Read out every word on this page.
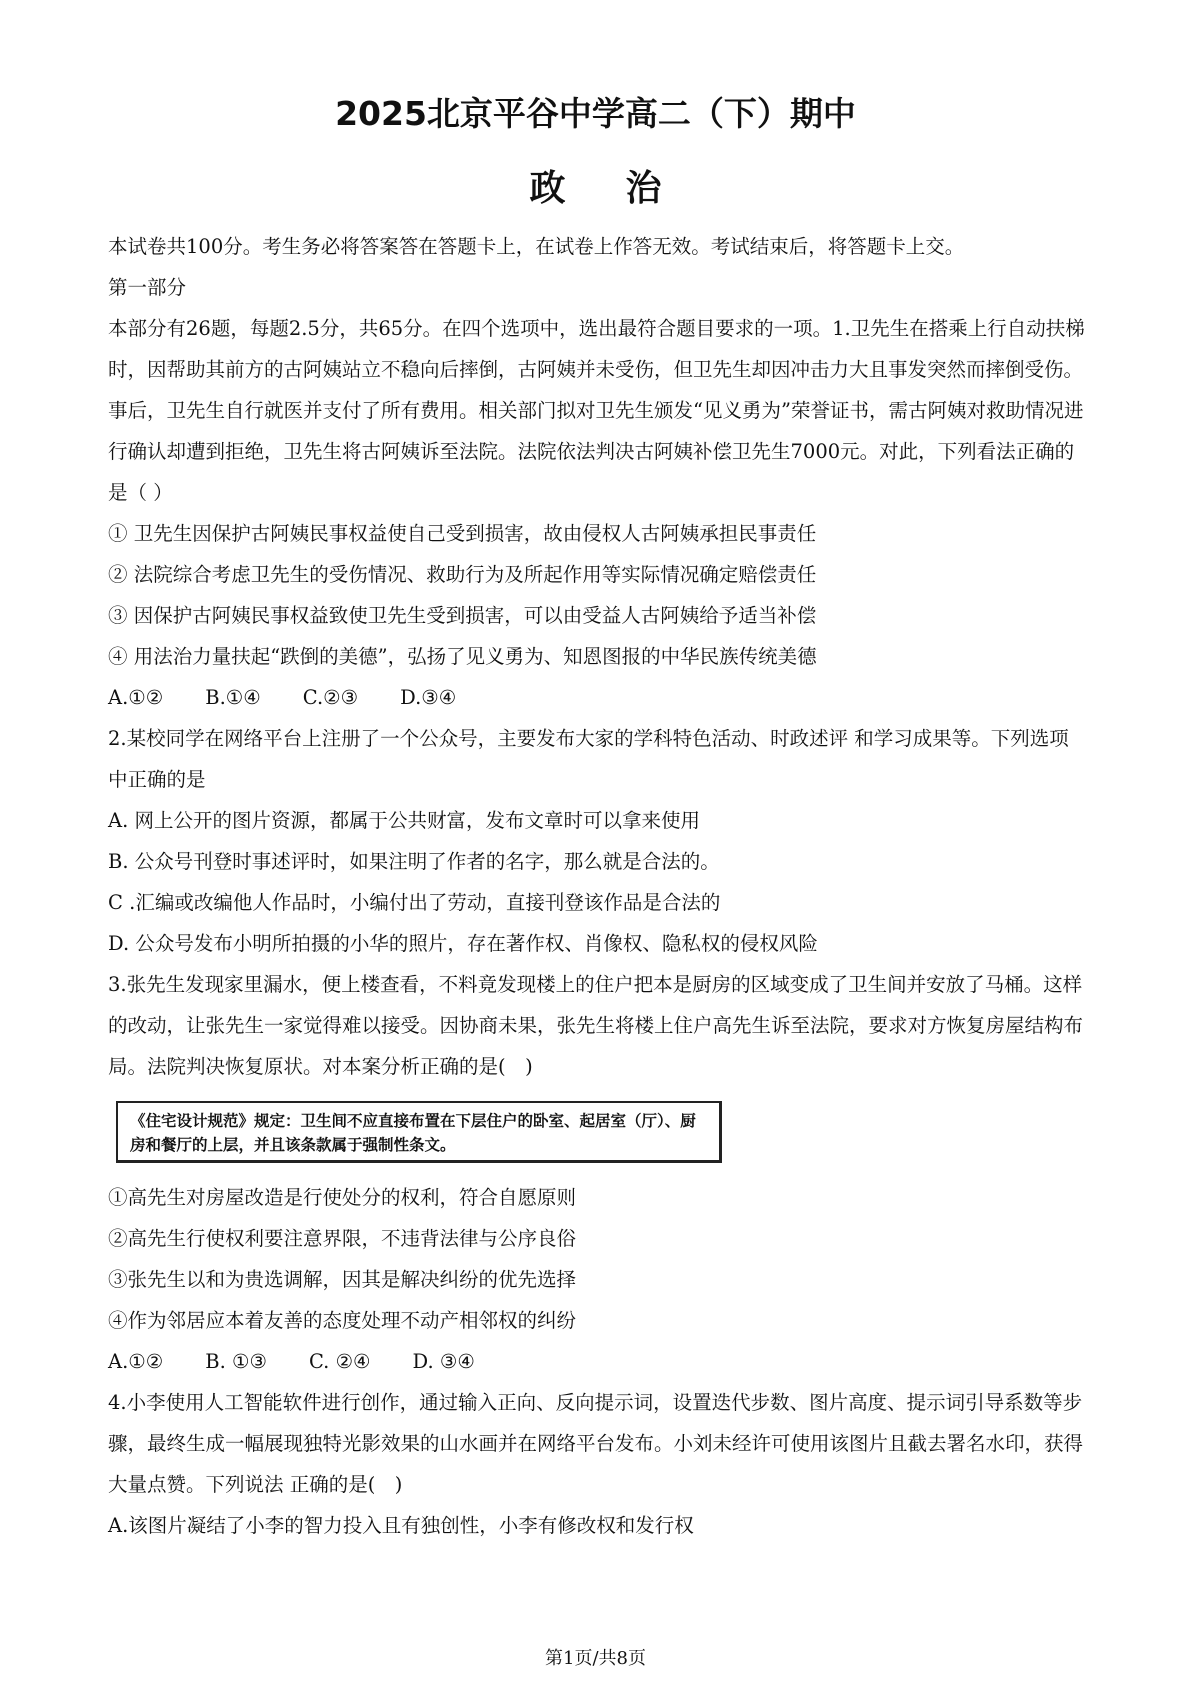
2025北京平谷中学高二（下）期中
政治

本试卷共100分。考生务必将答案答在答题卡上，在试卷上作答无效。考试结束后，将答题卡上交。

第一部分

本部分有26题，每题2.5分，共65分。在四个选项中，选出最符合题目要求的一项。1.卫先生在搭乘上行自动扶梯时，因帮助其前方的古阿姨站立不稳向后摔倒，古阿姨并未受伤，但卫先生却因冲击力大且事发突然而摔倒受伤。事后，卫先生自行就医并支付了所有费用。相关部门拟对卫先生颁发“见义勇为”荣誉证书，需古阿姨对救助情况进行确认却遭到拒绝，卫先生将古阿姨诉至法院。法院依法判决古阿姨补偿卫先生7000元。对此，下列看法正确的是（ ）

① 卫先生因保护古阿姨民事权益使自己受到损害，故由侵权人古阿姨承担民事责任

② 法院综合考虑卫先生的受伤情况、救助行为及所起作用等实际情况确定赔偿责任

③ 因保护古阿姨民事权益致使卫先生受到损害，可以由受益人古阿姨给予适当补偿

④ 用法治力量扶起“跌倒的美德”，弘扬了见义勇为、知恩图报的中华民族传统美德

A.①② B.①④ C.②③ D.③④

2.某校同学在网络平台上注册了一个公众号，主要发布大家的学科特色活动、时政述评 和学习成果等。下列选项中正确的是

A. 网上公开的图片资源，都属于公共财富，发布文章时可以拿来使用

B. 公众号刊登时事述评时，如果注明了作者的名字，那么就是合法的。

C .汇编或改编他人作品时，小编付出了劳动，直接刊登该作品是合法的

D. 公众号发布小明所拍摄的小华的照片，存在著作权、肖像权、隐私权的侵权风险

3.张先生发现家里漏水，便上楼查看，不料竟发现楼上的住户把本是厨房的区域变成了卫生间并安放了马桶。这样的改动，让张先生一家觉得难以接受。因协商未果，张先生将楼上住户高先生诉至法院，要求对方恢复房屋结构布局。法院判决恢复原状。对本案分析正确的是(　)

《住宅设计规范》规定：卫生间不应直接布置在下层住户的卧室、起居室（厅）、厨房和餐厅的上层，并且该条款属于强制性条文。

①高先生对房屋改造是行使处分的权利，符合自愿原则

②高先生行使权利要注意界限，不违背法律与公序良俗

③张先生以和为贵选调解，因其是解决纠纷的优先选择

④作为邻居应本着友善的态度处理不动产相邻权的纠纷

A.①② B. ①③ C. ②④ D. ③④

4.小李使用人工智能软件进行创作，通过输入正向、反向提示词，设置迭代步数、图片高度、提示词引导系数等步骤，最终生成一幅展现独特光影效果的山水画并在网络平台发布。小刘未经许可使用该图片且截去署名水印，获得大量点赞。下列说法 正确的是(　)

A.该图片凝结了小李的智力投入且有独创性，小李有修改权和发行权

第1页/共8页
